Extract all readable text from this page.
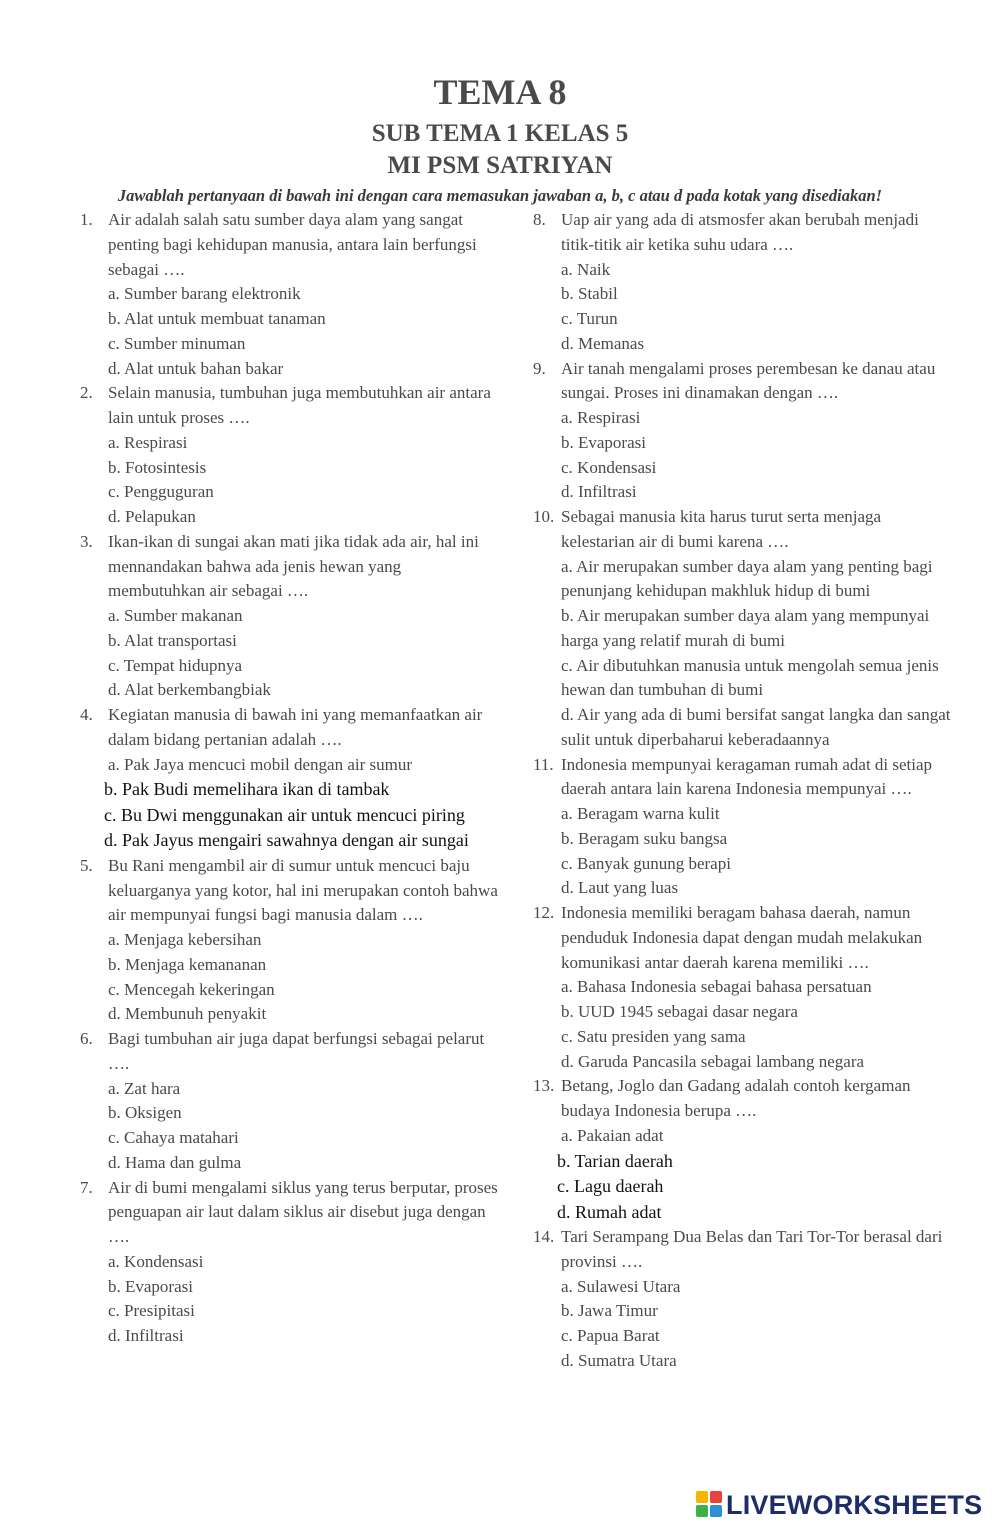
TEMA 8
SUB TEMA 1 KELAS 5
MI PSM SATRIYAN
Jawablah pertanyaan di bawah ini dengan cara memasukan jawaban a, b, c atau d pada kotak yang disediakan!
1. Air adalah salah satu sumber daya alam yang sangat penting bagi kehidupan manusia, antara lain berfungsi sebagai ….
a. Sumber barang elektronik
b. Alat untuk membuat tanaman
c. Sumber minuman
d. Alat untuk bahan bakar
2. Selain manusia, tumbuhan juga membutuhkan air antara lain untuk proses ….
a. Respirasi
b. Fotosintesis
c. Pengguguran
d. Pelapukan
3. Ikan-ikan di sungai akan mati jika tidak ada air, hal ini mennandakan bahwa ada jenis hewan yang membutuhkan air sebagai ….
a. Sumber makanan
b. Alat transportasi
c. Tempat hidupnya
d. Alat berkembangbiak
4. Kegiatan manusia di bawah ini yang memanfaatkan air dalam bidang pertanian adalah ….
a. Pak Jaya mencuci mobil dengan air sumur
b. Pak Budi memelihara ikan di tambak
c. Bu Dwi menggunakan air untuk mencuci piring
d. Pak Jayus mengairi sawahnya dengan air sungai
5. Bu Rani mengambil air di sumur untuk mencuci baju keluarganya yang kotor, hal ini merupakan contoh bahwa air mempunyai fungsi bagi manusia dalam ….
a. Menjaga kebersihan
b. Menjaga kemananan
c. Mencegah kekeringan
d. Membunuh penyakit
6. Bagi tumbuhan air juga dapat berfungsi sebagai pelarut ….
a. Zat hara
b. Oksigen
c. Cahaya matahari
d. Hama dan gulma
7. Air di bumi mengalami siklus yang terus berputar, proses penguapan air laut dalam siklus air disebut juga dengan ….
a. Kondensasi
b. Evaporasi
c. Presipitasi
d. Infiltrasi
8. Uap air yang ada di atsmosfer akan berubah menjadi titik-titik air ketika suhu udara ….
a. Naik
b. Stabil
c. Turun
d. Memanas
9. Air tanah mengalami proses perembesan ke danau atau sungai. Proses ini dinamakan dengan ….
a. Respirasi
b. Evaporasi
c. Kondensasi
d. Infiltrasi
10. Sebagai manusia kita harus turut serta menjaga kelestarian air di bumi karena ….
a. Air merupakan sumber daya alam yang penting bagi penunjang kehidupan makhluk hidup di bumi
b. Air merupakan sumber daya alam yang mempunyai harga yang relatif murah di bumi
c. Air dibutuhkan manusia untuk mengolah semua jenis hewan dan tumbuhan di bumi
d. Air yang ada di bumi bersifat sangat langka dan sangat sulit untuk diperbaharui keberadaannya
11. Indonesia mempunyai keragaman rumah adat di setiap daerah antara lain karena Indonesia mempunyai ….
a. Beragam warna kulit
b. Beragam suku bangsa
c. Banyak gunung berapi
d. Laut yang luas
12. Indonesia memiliki beragam bahasa daerah, namun penduduk Indonesia dapat dengan mudah melakukan komunikasi antar daerah karena memiliki ….
a. Bahasa Indonesia sebagai bahasa persatuan
b. UUD 1945 sebagai dasar negara
c. Satu presiden yang sama
d. Garuda Pancasila sebagai lambang negara
13. Betang, Joglo dan Gadang adalah contoh kergaman budaya Indonesia berupa ….
a. Pakaian adat
b. Tarian daerah
c. Lagu daerah
d. Rumah adat
14. Tari Serampang Dua Belas dan Tari Tor-Tor berasal dari provinsi ….
a. Sulawesi Utara
b. Jawa Timur
c. Papua Barat
d. Sumatra Utara
LIVEWORKSHEETS
